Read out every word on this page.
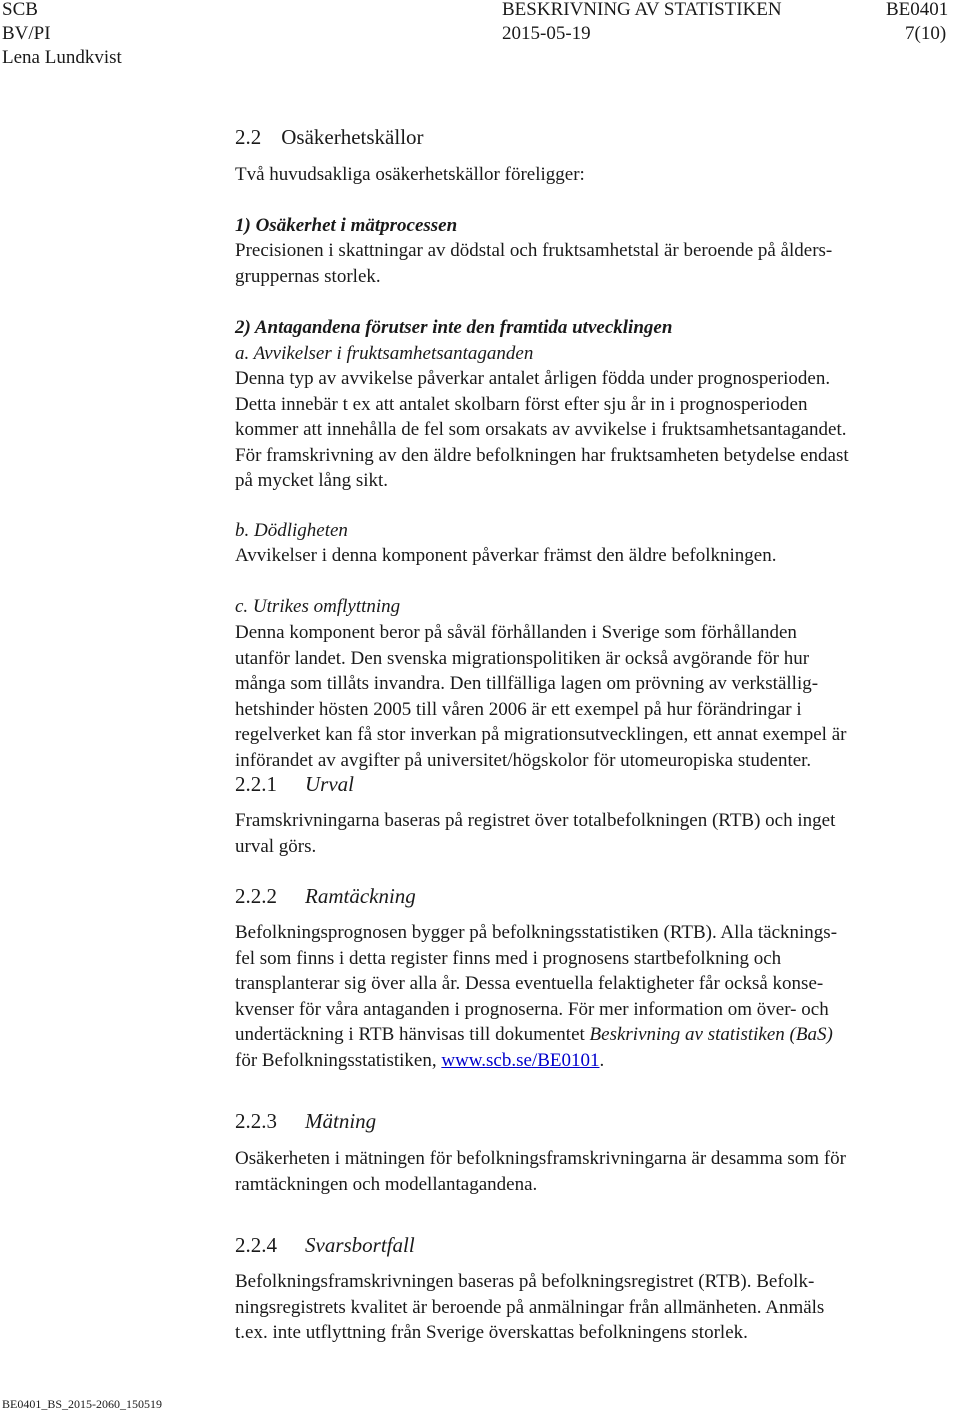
SCB	BESKRIVNING AV STATISTIKEN	BE0401
BV/PI	2015-05-19	7(10)
Lena Lundkvist
2.2 Osäkerhetskällor
Två huvudsakliga osäkerhetskällor föreligger:
1) Osäkerhet i mätprocessen
Precisionen i skattningar av dödstal och fruktsamhetstal är beroende på ålders-
gruppernas storlek.
2) Antagandena förutser inte den framtida utvecklingen
a. Avvikelser i fruktsamhetsantaganden
Denna typ av avvikelse påverkar antalet årligen födda under prognosperioden.
Detta innebär t ex att antalet skolbarn först efter sju år in i prognosperioden
kommer att innehålla de fel som orsakats av avvikelse i fruktsamhetsantagandet.
För framskrivning av den äldre befolkningen har fruktsamheten betydelse endast
på mycket lång sikt.
b. Dödligheten
Avvikelser i denna komponent påverkar främst den äldre befolkningen.
c. Utrikes omflyttning
Denna komponent beror på såväl förhållanden i Sverige som förhållanden
utanför landet. Den svenska migrationspolitiken är också avgörande för hur
många som tillåts invandra. Den tillfälliga lagen om prövning av verkställig-
hetshinder hösten 2005 till våren 2006 är ett exempel på hur förändringar i
regelverket kan få stor inverkan på migrationsutvecklingen, ett annat exempel är
införandet av avgifter på universitet/högskolor för utomeuropiska studenter.
2.2.1 Urval
Framskrivningarna baseras på registret över totalbefolkningen (RTB) och inget
urval görs.
2.2.2 Ramtäckning
Befolkningsprognosen bygger på befolkningsstatistiken (RTB). Alla täcknings-
fel som finns i detta register finns med i prognosens startbefolkning och
transplanterar sig över alla år. Dessa eventuella felaktigheter får också konse-
kvenser för våra antaganden i prognoserna. För mer information om över- och
undertäckning i RTB hänvisas till dokumentet Beskrivning av statistiken (BaS)
för Befolkningsstatistiken, www.scb.se/BE0101.
2.2.3 Mätning
Osäkerheten i mätningen för befolkningsframskrivningarna är desamma som för
ramtäckningen och modellantagandena.
2.2.4 Svarsbortfall
Befolkningsframskrivningen baseras på befolkningsregistret (RTB). Befolk-
ningsregistrets kvalitet är beroende på anmälningar från allmänheten. Anmäls
t.ex. inte utflyttning från Sverige överskattas befolkningens storlek.
BE0401_BS_2015-2060_150519
